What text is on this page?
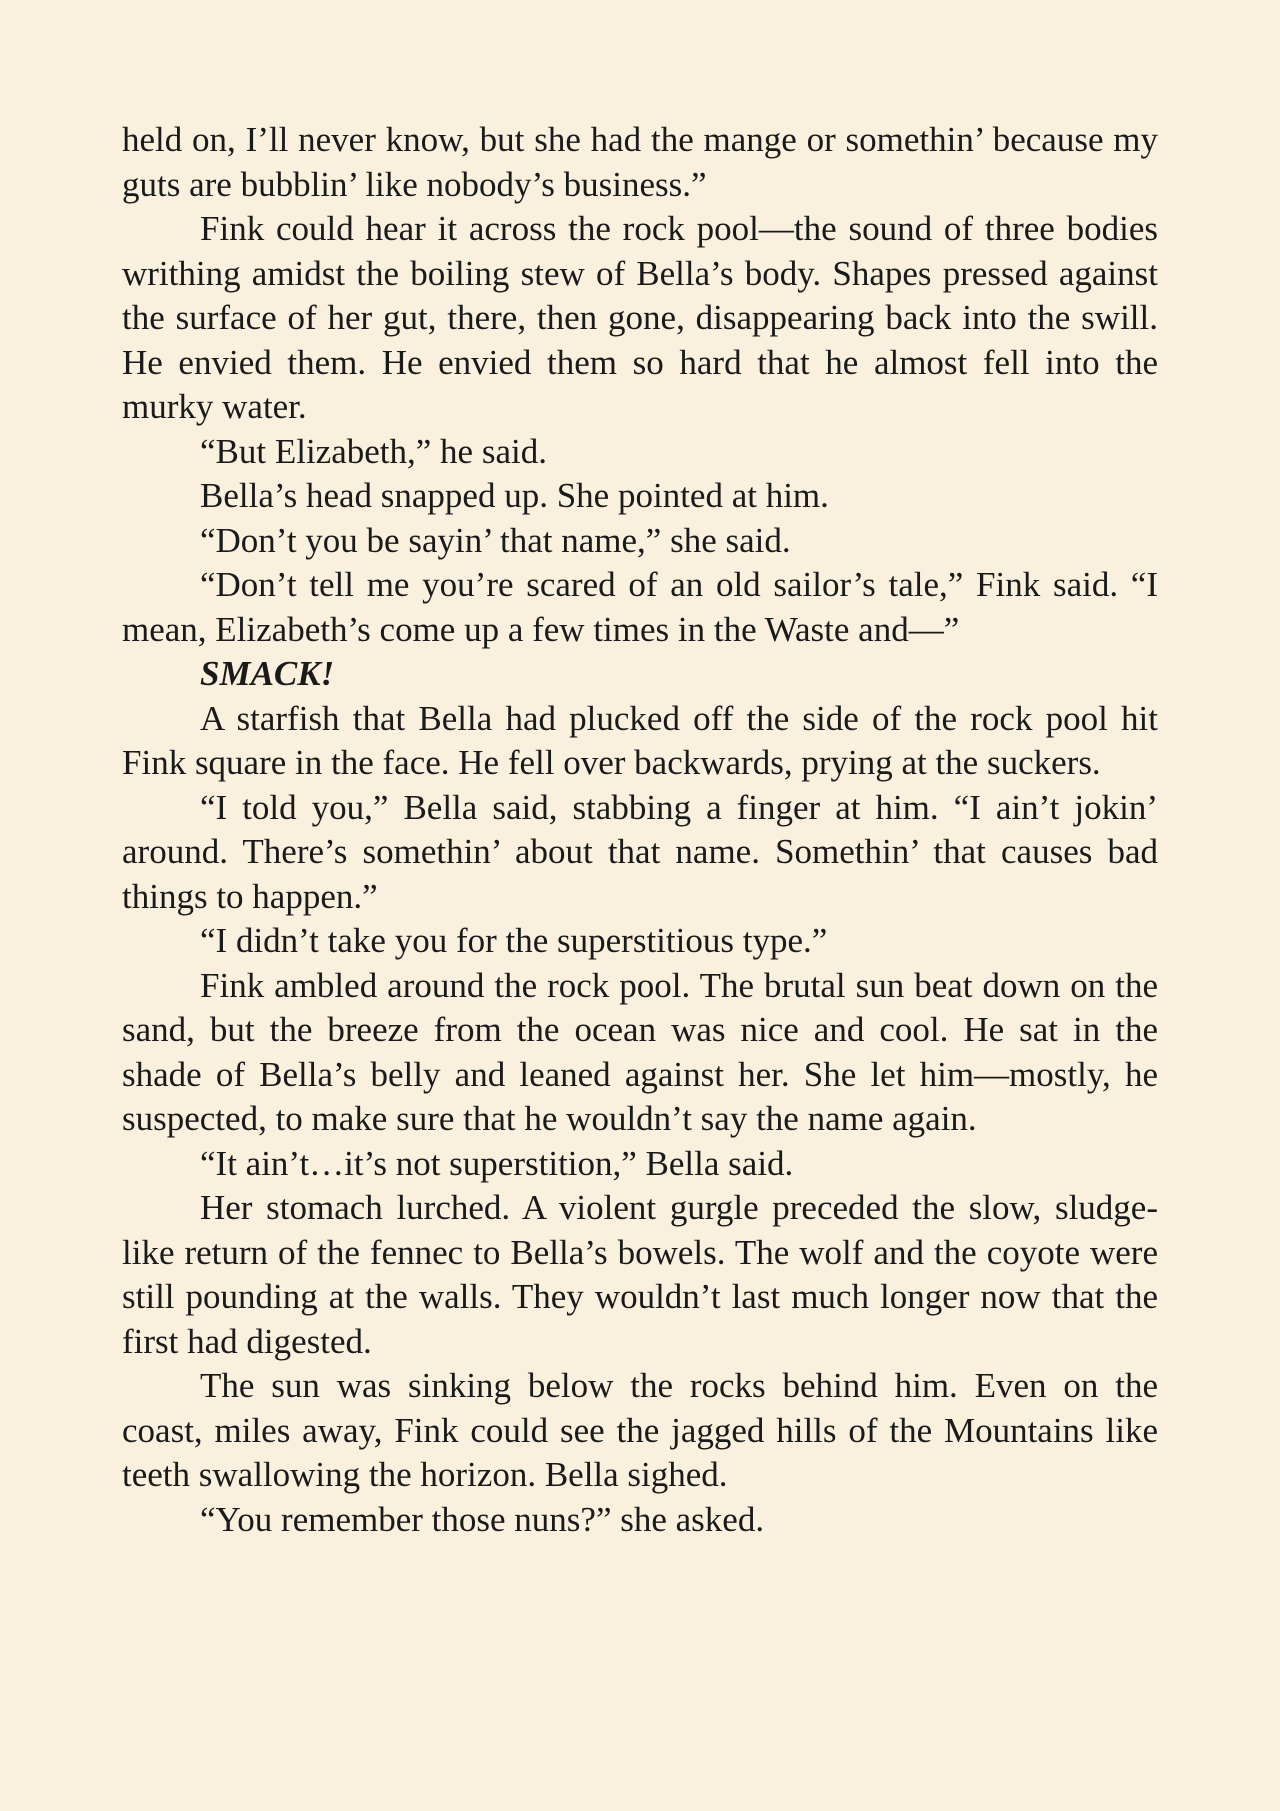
held on, I’ll never know, but she had the mange or somethin’ because my guts are bubblin’ like nobody’s business.”

Fink could hear it across the rock pool—the sound of three bodies writhing amidst the boiling stew of Bella’s body. Shapes pressed against the surface of her gut, there, then gone, disappearing back into the swill. He envied them. He envied them so hard that he almost fell into the murky water.

“But Elizabeth,” he said.

Bella’s head snapped up. She pointed at him.

“Don’t you be sayin’ that name,” she said.

“Don’t tell me you’re scared of an old sailor’s tale,” Fink said. “I mean, Elizabeth’s come up a few times in the Waste and—”

SMACK!

A starfish that Bella had plucked off the side of the rock pool hit Fink square in the face. He fell over backwards, prying at the suckers.

“I told you,” Bella said, stabbing a finger at him. “I ain’t jokin’ around. There’s somethin’ about that name. Somethin’ that causes bad things to happen.”

“I didn’t take you for the superstitious type.”

Fink ambled around the rock pool. The brutal sun beat down on the sand, but the breeze from the ocean was nice and cool. He sat in the shade of Bella’s belly and leaned against her. She let him—mostly, he suspected, to make sure that he wouldn’t say the name again.

“It ain’t…it’s not superstition,” Bella said.

Her stomach lurched. A violent gurgle preceded the slow, sludge-like return of the fennec to Bella’s bowels. The wolf and the coyote were still pounding at the walls. They wouldn’t last much longer now that the first had digested.

The sun was sinking below the rocks behind him. Even on the coast, miles away, Fink could see the jagged hills of the Mountains like teeth swallowing the horizon. Bella sighed.

“You remember those nuns?” she asked.
